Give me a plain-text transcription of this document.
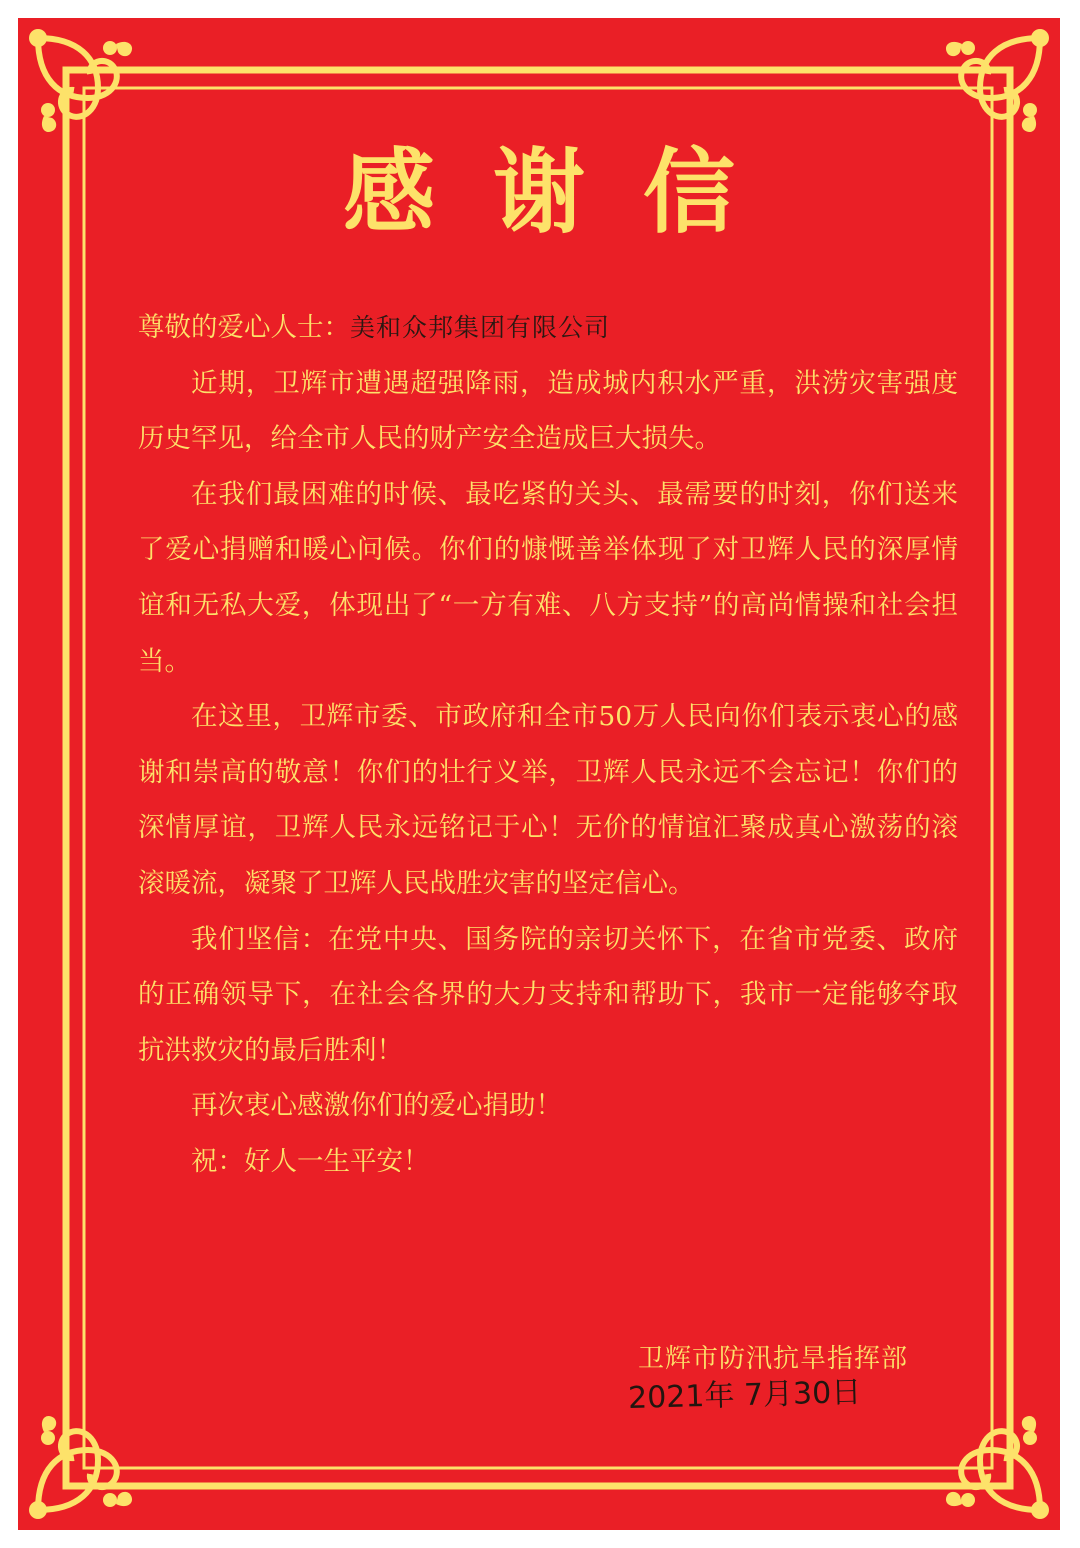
感谢信
尊敬的爱心人士：美和众邦集团有限公司

近期，卫辉市遭遇超强降雨，造成城内积水严重，洪涝灾害强度历史罕见，给全市人民的财产安全造成巨大损失。

在我们最困难的时候、最吃紧的关头、最需要的时刻，你们送来了爱心捐赠和暖心问候。你们的慷慨善举体现了对卫辉人民的深厚情谊和无私大爱，体现出了“一方有难、八方支持”的高尚情操和社会担当。

在这里，卫辉市委、市政府和全市50万人民向你们表示衷心的感谢和崇高的敬意！你们的壮行义举，卫辉人民永远不会忘记！你们的深情厚谊，卫辉人民永远铭记于心！无价的情谊汇聚成真心激荡的滚滚暖流，凝聚了卫辉人民战胜灾害的坚定信心。

我们坚信：在党中央、国务院的亲切关怀下，在省市党委、政府的正确领导下，在社会各界的大力支持和帮助下，我市一定能够夺取抗洪救灾的最后胜利！

再次衷心感激你们的爱心捐助！

祝：好人一生平安！

卫辉市防汛抗旱指挥部
2021年 7月30日
